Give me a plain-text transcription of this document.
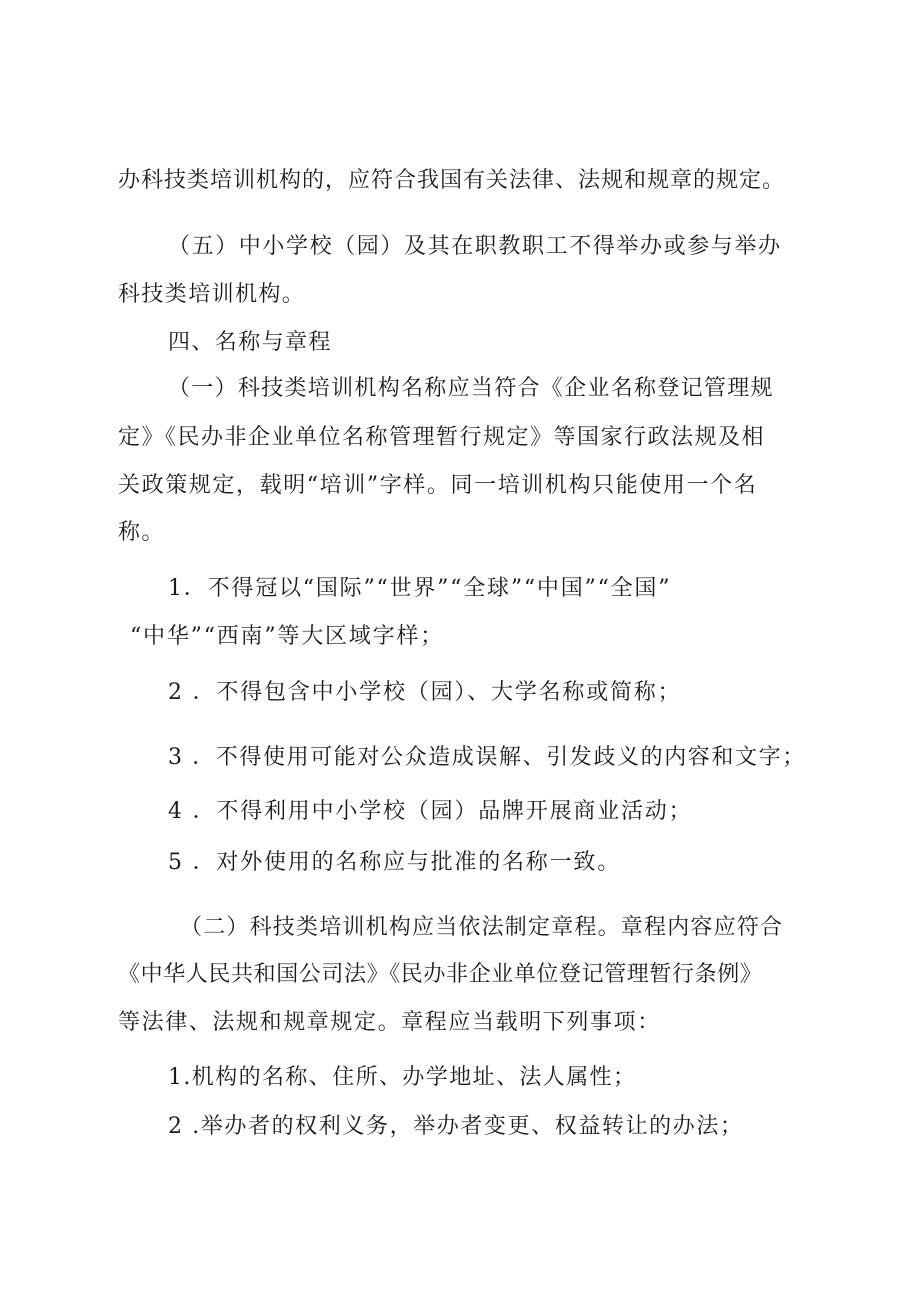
办科技类培训机构的，应符合我国有关法律、法规和规章的规定。
（五）中小学校（园）及其在职教职工不得举办或参与举办
科技类培训机构。
四、名称与章程
（一）科技类培训机构名称应当符合《企业名称登记管理规
定》《民办非企业单位名称管理暂行规定》等国家行政法规及相
关政策规定，载明“培训”字样。同一培训机构只能使用一个名
称。
1．不得冠以“国际”“世界”“全球”“中国”“全国”
“中华”“西南”等大区域字样；
2 ．不得包含中小学校（园）、大学名称或简称；
3 ．不得使用可能对公众造成误解、引发歧义的内容和文字；
4 ．不得利用中小学校（园）品牌开展商业活动；
5 ．对外使用的名称应与批准的名称一致。
（二）科技类培训机构应当依法制定章程。章程内容应符合
《中华人民共和国公司法》《民办非企业单位登记管理暂行条例》
等法律、法规和规章规定。章程应当载明下列事项：
1.机构的名称、住所、办学地址、法人属性；
2 .举办者的权利义务，举办者变更、权益转让的办法；
